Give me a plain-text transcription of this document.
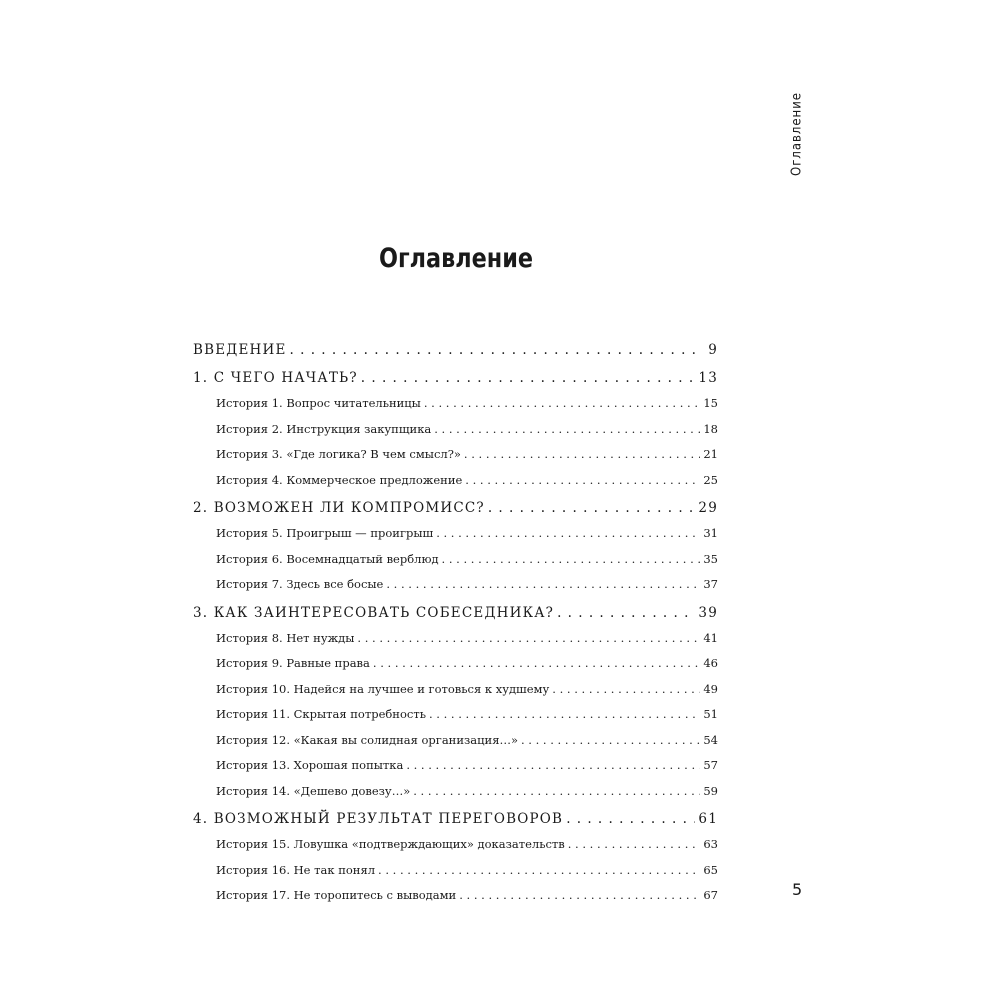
Оглавление
Оглавление
ВВЕДЕНИЕ . . .	9
1. С ЧЕГО НАЧАТЬ? . . .	13
История 1. Вопрос читательницы . . .	15
История 2. Инструкция закупщика . . .	18
История 3. «Где логика? В чем смысл?» . . .	21
История 4. Коммерческое предложение . . .	25
2. ВОЗМОЖЕН ЛИ КОМПРОМИСС? . . .	29
История 5. Проигрыш — проигрыш . . .	31
История 6. Восемнадцатый верблюд . . .	35
История 7. Здесь все босые . . .	37
3. КАК ЗАИНТЕРЕСОВАТЬ СОБЕСЕДНИКА? . . .	39
История 8. Нет нужды . . .	41
История 9. Равные права . . .	46
История 10. Надейся на лучшее и готовься к худшему . . .	49
История 11. Скрытая потребность . . .	51
История 12. «Какая вы солидная организация…» . . .	54
История 13. Хорошая попытка . . .	57
История 14. «Дешево довезу…» . . .	59
4. ВОЗМОЖНЫЙ РЕЗУЛЬТАТ ПЕРЕГОВОРОВ . . .	61
История 15. Ловушка «подтверждающих» доказательств . . .	63
История 16. Не так понял . . .	65
История 17. Не торопитесь с выводами . . .	67	5
